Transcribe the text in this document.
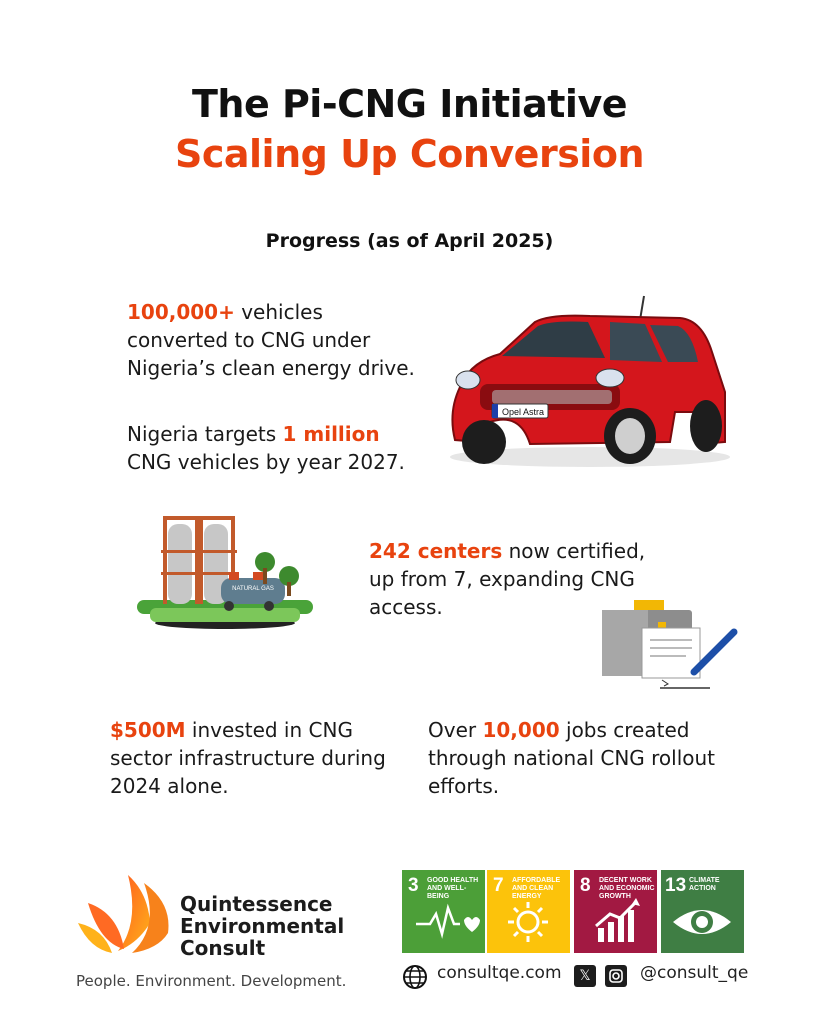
The Pi-CNG Initiative
Scaling Up Conversion
Progress (as of April 2025)
100,000+ vehicles converted to CNG under Nigeria’s clean energy drive.
Nigeria targets 1 million CNG vehicles by year 2027.
Opel Astra
NATURAL GAS
242 centers now certified, up from 7, expanding CNG access.
$500M invested in CNG sector infrastructure during 2024 alone.
Over 10,000 jobs created through national CNG rollout efforts.
Quintessence
Environmental
Consult
People. Environment. Development.
3 GOOD HEALTH AND WELL-BEING
7 AFFORDABLE AND CLEAN ENERGY
8 DECENT WORK AND ECONOMIC GROWTH
13 CLIMATE ACTION
consultqe.com	𝕏	@consult_qe
